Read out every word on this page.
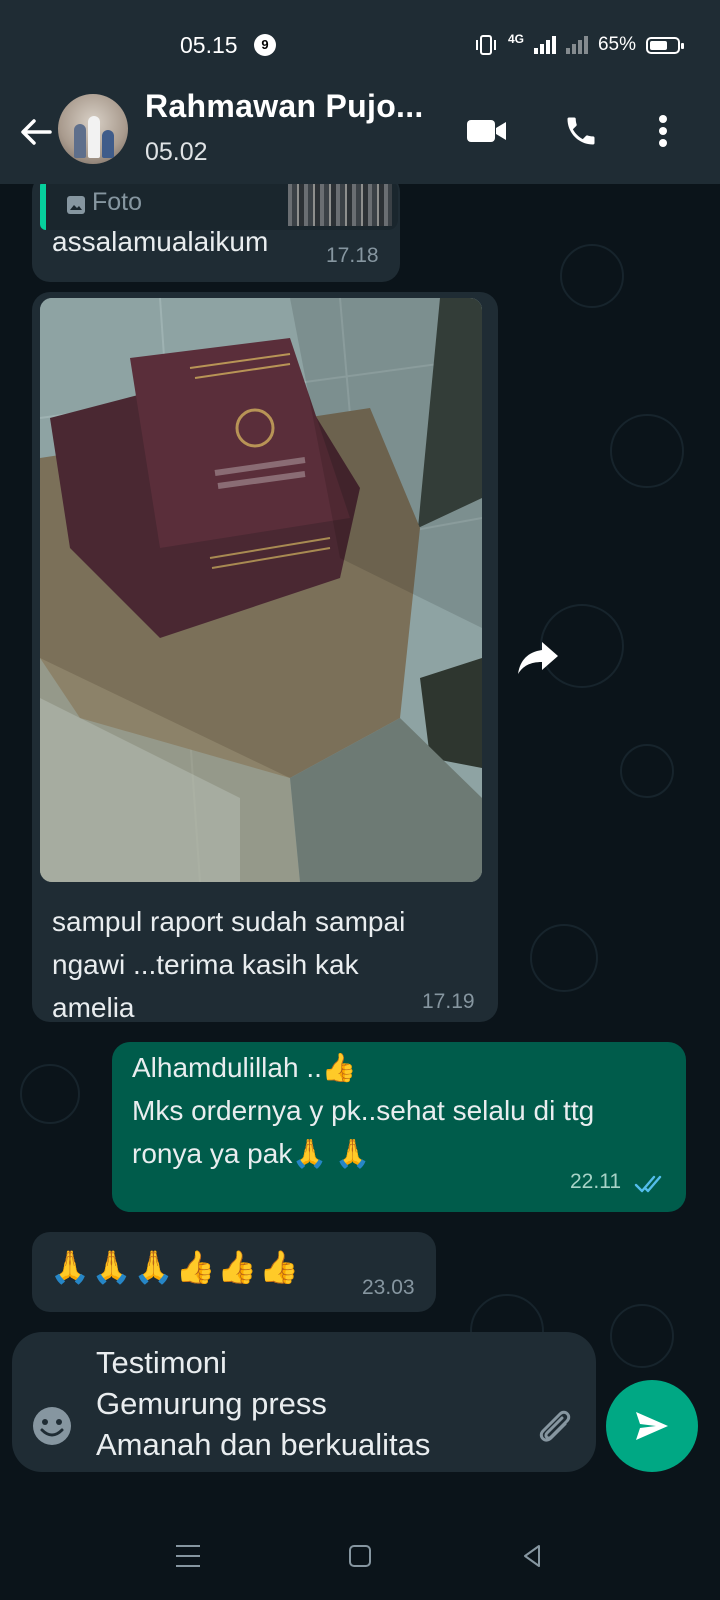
05.15	9	4G	65%
Rahmawan Pujo...
05.02
Foto
assalamualaikum	17.18
sampul raport sudah sampai
ngawi ...terima kasih kak
amelia	17.19
Alhamdulillah ..👍
Mks ordernya y pk..sehat selalu di ttg
ronya ya pak🙏 🙏
22.11
🙏🙏🙏👍👍👍
23.03
Testimoni
Gemurung press
Amanah dan berkualitas
